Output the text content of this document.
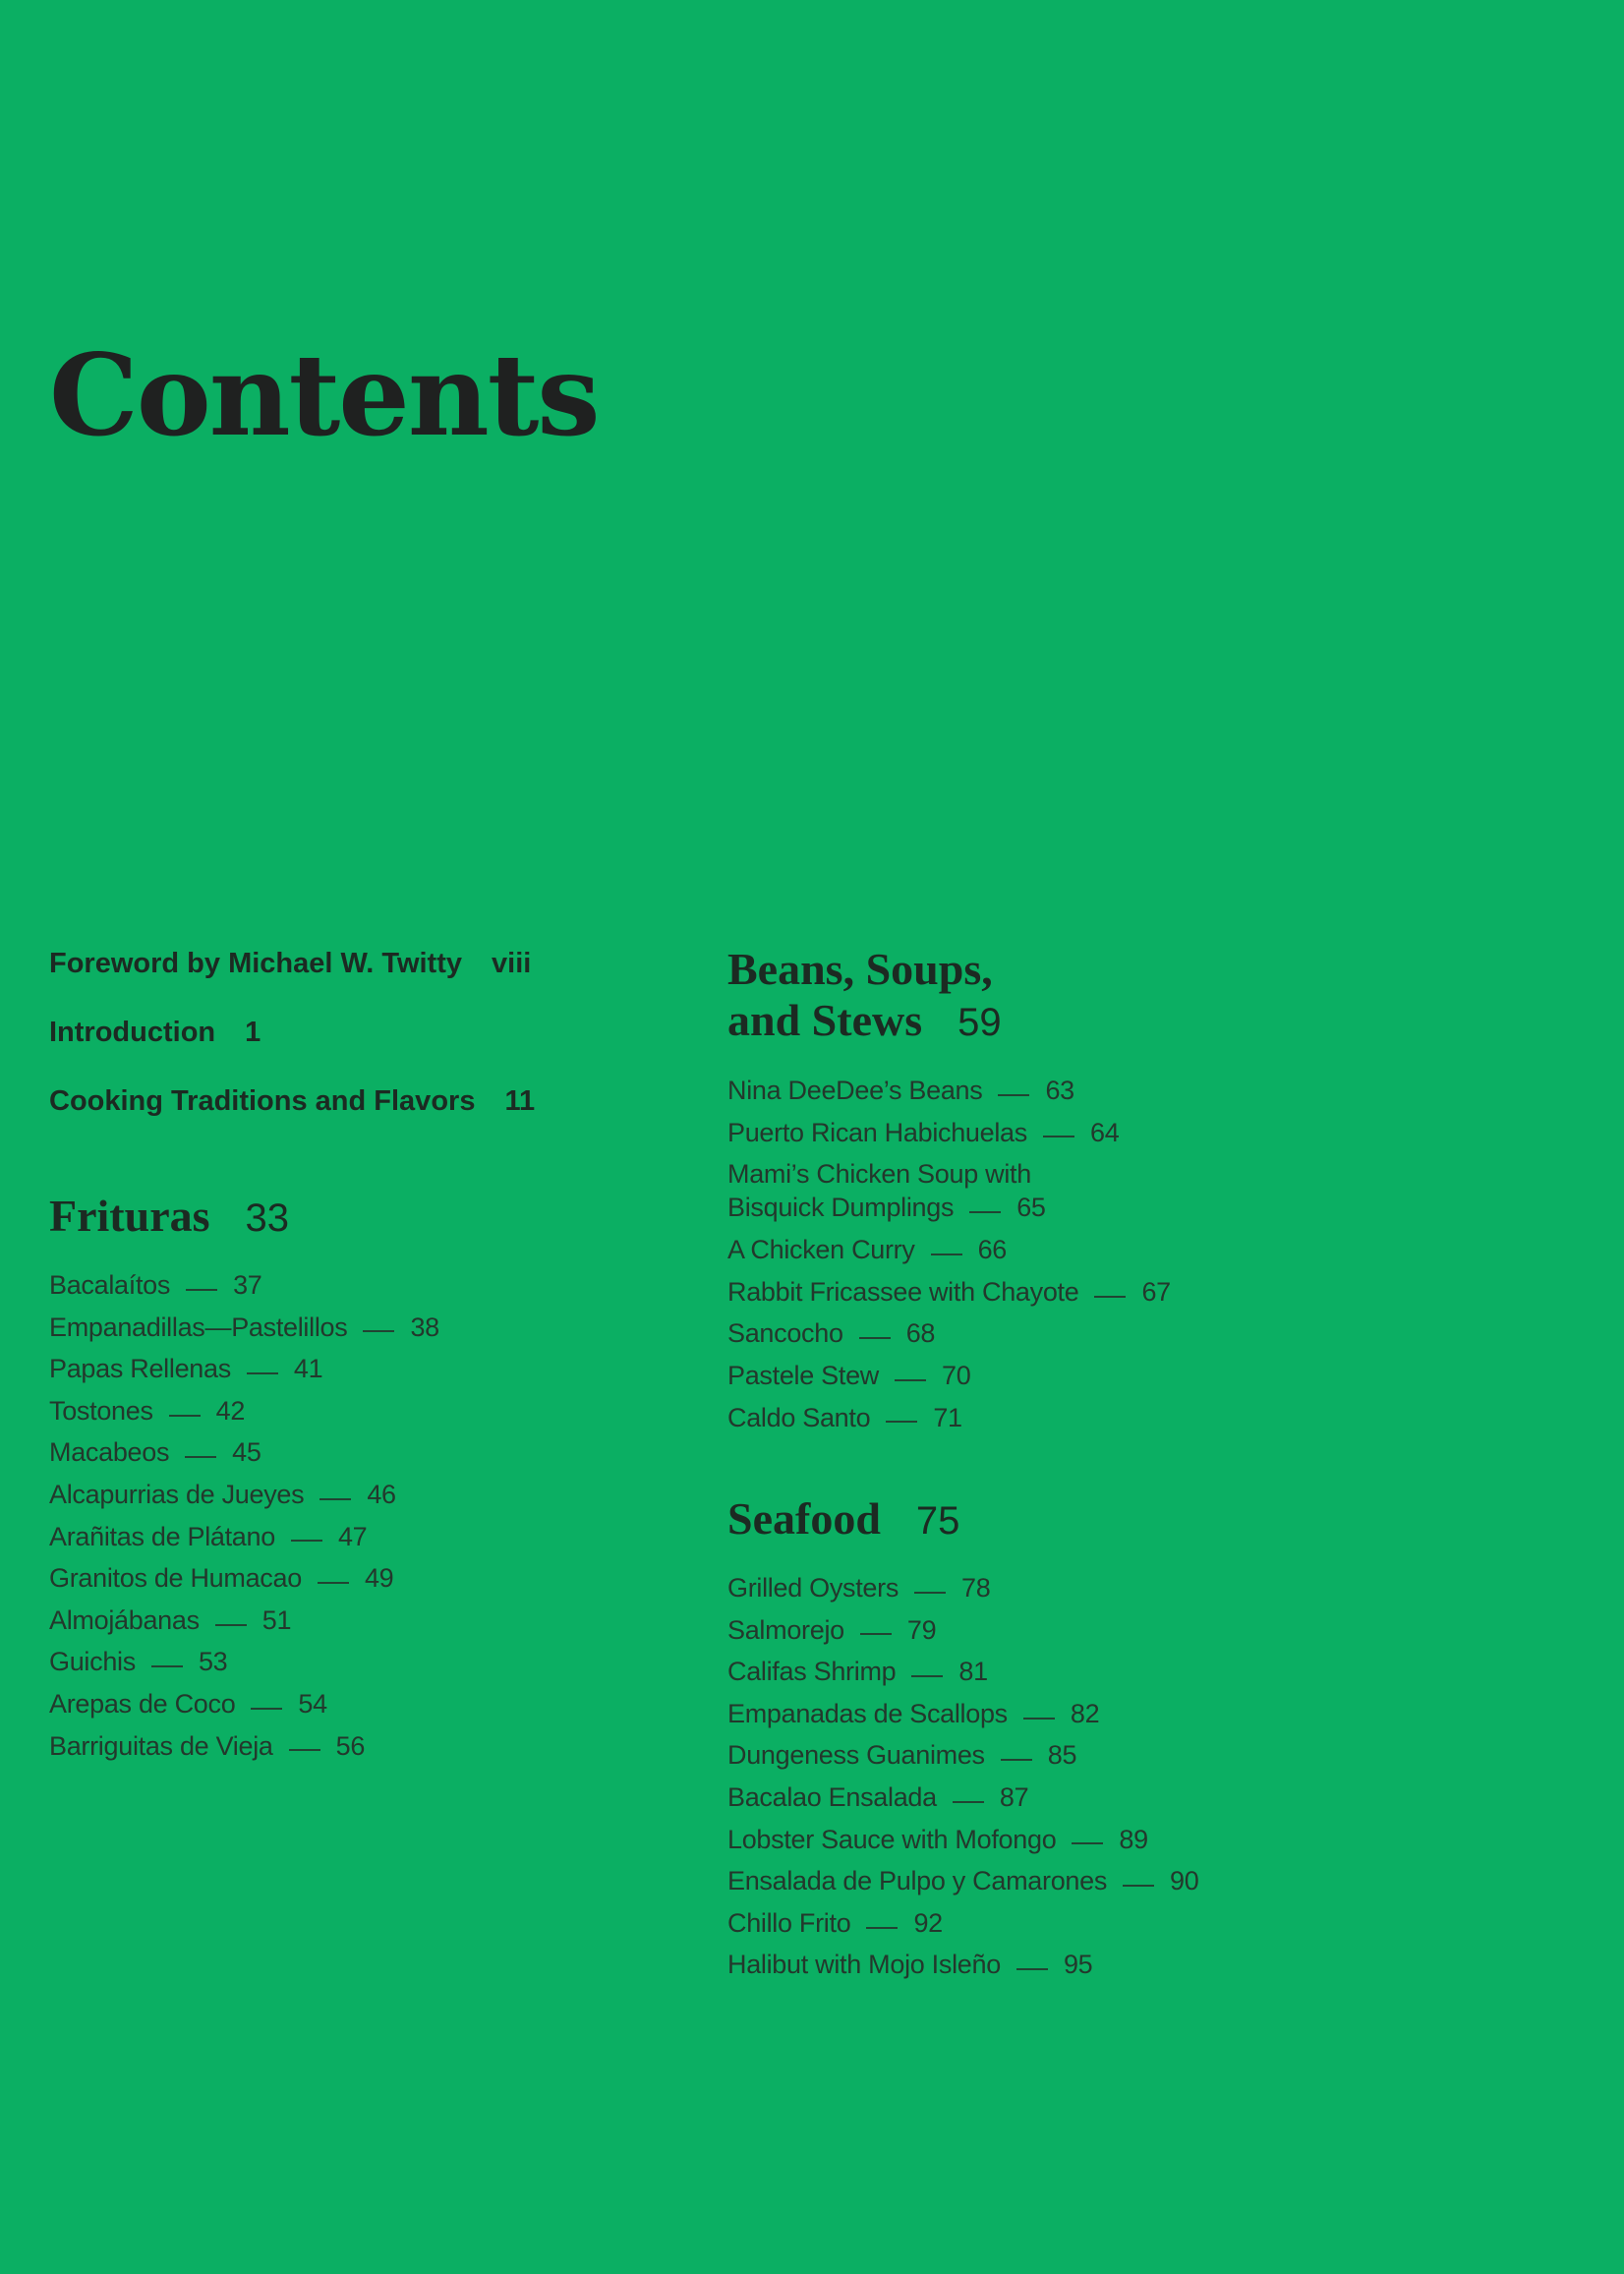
Contents
Foreword by Michael W. Twitty viii
Introduction 1
Cooking Traditions and Flavors 11
Frituras 33
Bacalaítos 37
Empanadillas—Pastelillos 38
Papas Rellenas 41
Tostones 42
Macabeos 45
Alcapurrias de Jueyes 46
Arañitas de Plátano 47
Granitos de Humacao 49
Almojábanas 51
Guichis 53
Arepas de Coco 54
Barriguitas de Vieja 56
Beans, Soups,
and Stews 59
Nina DeeDee’s Beans 63
Puerto Rican Habichuelas 64
Mami’s Chicken Soup with
Bisquick Dumplings 65
A Chicken Curry 66
Rabbit Fricassee with Chayote 67
Sancocho 68
Pastele Stew 70
Caldo Santo 71
Seafood 75
Grilled Oysters 78
Salmorejo 79
Califas Shrimp 81
Empanadas de Scallops 82
Dungeness Guanimes 85
Bacalao Ensalada 87
Lobster Sauce with Mofongo 89
Ensalada de Pulpo y Camarones 90
Chillo Frito 92
Halibut with Mojo Isleño 95
